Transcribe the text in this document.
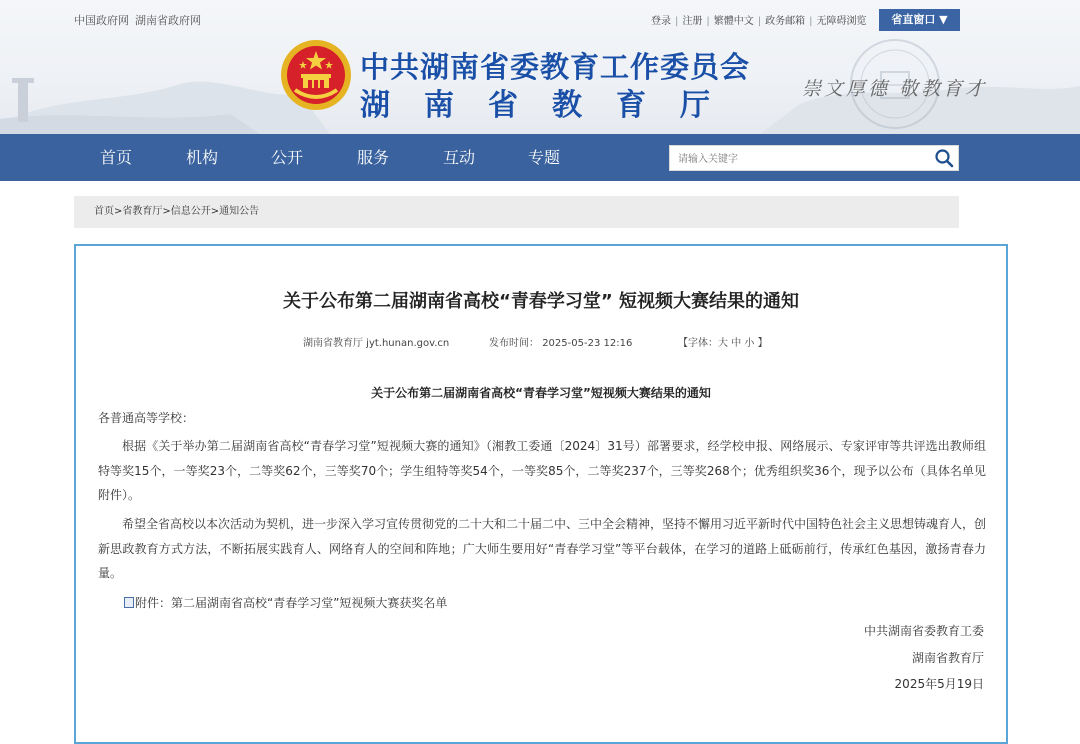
中国政府网 湖南省政府网	登录 | 注册 | 繁體中文 | 政务邮箱 | 无障碍浏览	省直窗口 ▼
中共湖南省委教育工作委员会
湖南省教育厅	崇文厚德 敬教育才
首页	机构	公开	服务	互动	专题
请输入关键字
首页>省教育厅>信息公开>通知公告
关于公布第二届湖南省高校“青春学习堂” 短视频大赛结果的通知
湖南省教育厅 jyt.hunan.gov.cn	发布时间： 2025-05-23 12:16	【字体：大 中 小 】
关于公布第二届湖南省高校“青春学习堂”短视频大赛结果的通知
各普通高等学校：
根据《关于举办第二届湖南省高校“青春学习堂”短视频大赛的通知》（湘教工委通〔2024〕31号）部署要求，经学校申报、网络展示、专家评审等共评选出教师组特等奖15个，一等奖23个，二等奖62个，三等奖70个；学生组特等奖54个，一等奖85个，二等奖237个，三等奖268个；优秀组织奖36个，现予以公布（具体名单见附件）。
希望全省高校以本次活动为契机，进一步深入学习宣传贯彻党的二十大和二十届二中、三中全会精神，坚持不懈用习近平新时代中国特色社会主义思想铸魂育人，创新思政教育方式方法，不断拓展实践育人、网络育人的空间和阵地；广大师生要用好“青春学习堂”等平台载体，在学习的道路上砥砺前行，传承红色基因，激扬青春力量。
附件：第二届湖南省高校“青春学习堂”短视频大赛获奖名单
中共湖南省委教育工委
湖南省教育厅
2025年5月19日
